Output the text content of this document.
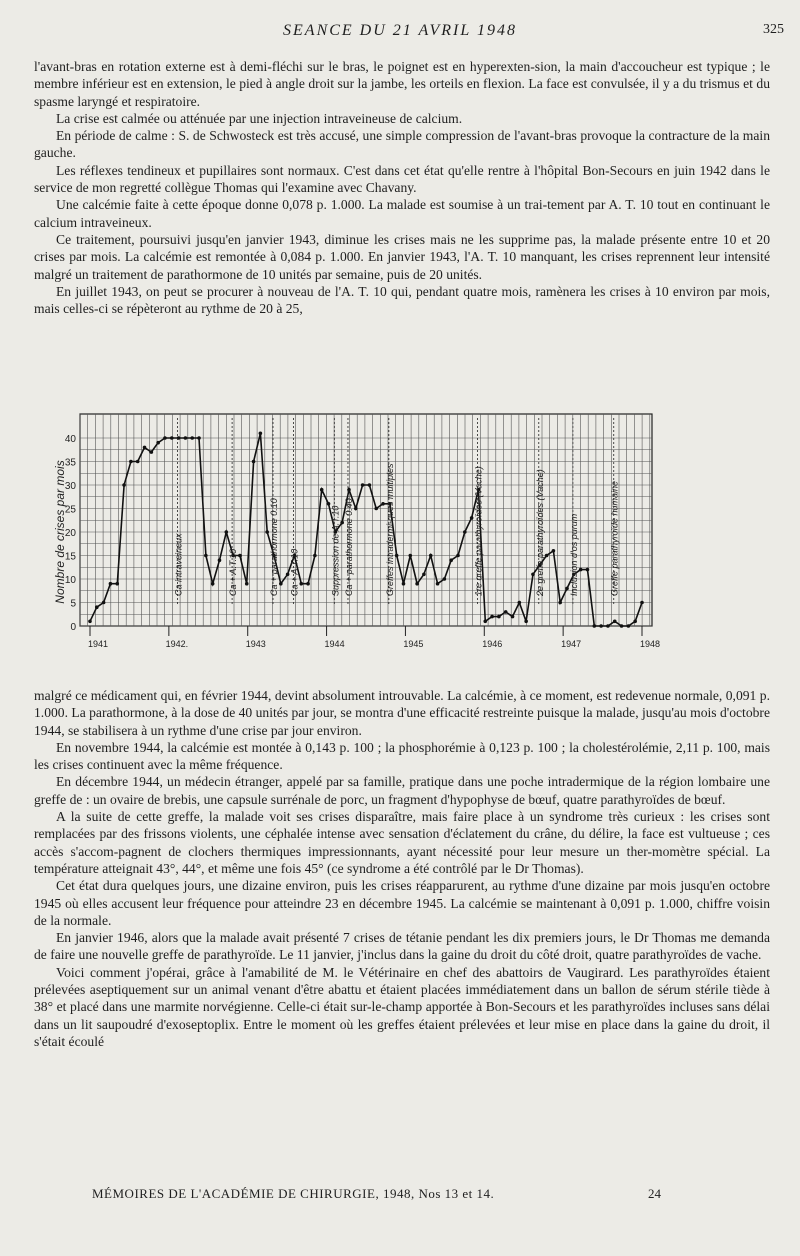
SEANCE DU 21 AVRIL 1948	325

l'avant-bras en rotation externe est à demi-fléchi sur le bras, le poignet est en hyperexten-sion, la main d'accoucheur est typique ; le membre inférieur est en extension, le pied à angle droit sur la jambe, les orteils en flexion. La face est convulsée, il y a du trismus et du spasme laryngé et respiratoire.

La crise est calmée ou atténuée par une injection intraveineuse de calcium.

En période de calme : S. de Schwosteck est très accusé, une simple compression de l'avant-bras provoque la contracture de la main gauche.

Les réflexes tendineux et pupillaires sont normaux. C'est dans cet état qu'elle rentre à l'hôpital Bon-Secours en juin 1942 dans le service de mon regretté collègue Thomas qui l'examine avec Chavany.

Une calcémie faite à cette époque donne 0,078 p. 1.000. La malade est soumise à un trai-tement par A. T. 10 tout en continuant le calcium intraveineux.

Ce traitement, poursuivi jusqu'en janvier 1943, diminue les crises mais ne les supprime pas, la malade présente entre 10 et 20 crises par mois. La calcémie est remontée à 0,084 p. 1.000. En janvier 1943, l'A. T. 10 manquant, les crises reprennent leur intensité malgré un traitement de parathormone de 10 unités par semaine, puis de 20 unités.

En juillet 1943, on peut se procurer à nouveau de l'A. T. 10 qui, pendant quatre mois, ramènera les crises à 10 environ par mois, mais celles-ci se répèteront au rythme de 20 à 25,

0
5
10
15
20
25
30
35
40
Nombre de crises par mois
1941	1942.	1943	1944	1945	1946	1947	1948
Ca intraveineux	Ca + A.T.10	Ca + parathormone 0.10 Ca + A.T.10	Suppression de A.T.10 Ca + parathormone 0.40	Greffes intradermi-ques multiples	1re greffe parathyroïdes (Vache)	2e greffe parathyroïdes (Vache)	Inclusion d'os purum	Greffe parathyroïde humaine

malgré ce médicament qui, en février 1944, devint absolument introuvable. La calcémie, à ce moment, est redevenue normale, 0,091 p. 1.000. La parathormone, à la dose de 40 unités par jour, se montra d'une efficacité restreinte puisque la malade, jusqu'au mois d'octobre 1944, se stabilisera à un rythme d'une crise par jour environ.

En novembre 1944, la calcémie est montée à 0,143 p. 100 ; la phosphorémie à 0,123 p. 100 ; la cholestérolémie, 2,11 p. 100, mais les crises continuent avec la même fréquence.

En décembre 1944, un médecin étranger, appelé par sa famille, pratique dans une poche intradermique de la région lombaire une greffe de : un ovaire de brebis, une capsule surrénale de porc, un fragment d'hypophyse de bœuf, quatre parathyroïdes de bœuf.

A la suite de cette greffe, la malade voit ses crises disparaître, mais faire place à un syndrome très curieux : les crises sont remplacées par des frissons violents, une céphalée intense avec sensation d'éclatement du crâne, du délire, la face est vultueuse ; ces accès s'accom-pagnent de clochers thermiques impressionnants, ayant nécessité pour leur mesure un ther-momètre spécial. La température atteignait 43°, 44°, et même une fois 45° (ce syndrome a été contrôlé par le Dr Thomas).

Cet état dura quelques jours, une dizaine environ, puis les crises réapparurent, au rythme d'une dizaine par mois jusqu'en octobre 1945 où elles accusent leur fréquence pour atteindre 23 en décembre 1945. La calcémie se maintenant à 0,091 p. 1.000, chiffre voisin de la normale.

En janvier 1946, alors que la malade avait présenté 7 crises de tétanie pendant les dix premiers jours, le Dr Thomas me demanda de faire une nouvelle greffe de parathyroïde. Le 11 janvier, j'inclus dans la gaine du droit du côté droit, quatre parathyroïdes de vache.

Voici comment j'opérai, grâce à l'amabilité de M. le Vétérinaire en chef des abattoirs de Vaugirard. Les parathyroïdes étaient prélevées aseptiquement sur un animal venant d'être abattu et étaient placées immédiatement dans un ballon de sérum stérile tiède à 38° et placé dans une marmite norvégienne. Celle-ci était sur-le-champ apportée à Bon-Secours et les parathyroïdes incluses sans délai dans un lit saupoudré d'exoseptoplix. Entre le moment où les greffes étaient prélevées et leur mise en place dans la gaine du droit, il s'était écoulé

MÉMOIRES DE L'ACADÉMIE DE CHIRURGIE, 1948, Nos 13 et 14.	24
